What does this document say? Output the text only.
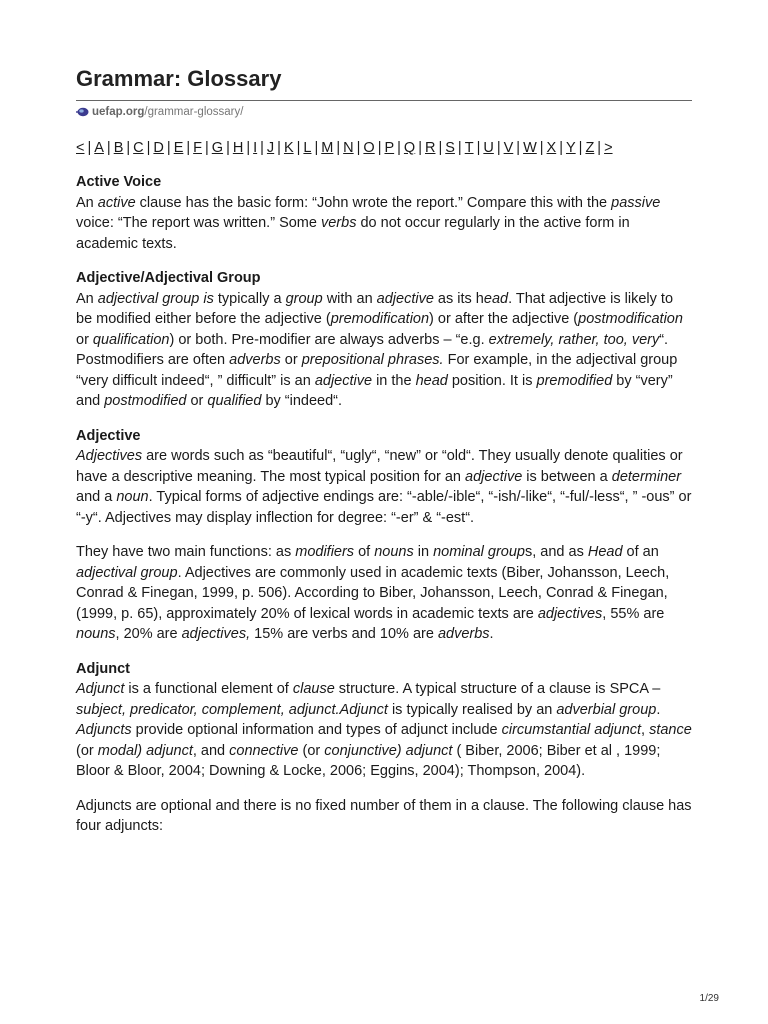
Grammar: Glossary
uefap.org /grammar-glossary/
< | A | B | C | D | E | F | G | H | I | J | K | L | M | N | O | P | Q | R | S | T | U | V | W | X | Y | Z | >
Active Voice
An active clause has the basic form: “John wrote the report.” Compare this with the passive voice: “The report was written.” Some verbs do not occur regularly in the active form in academic texts.
Adjective/Adjectival Group
An adjectival group is typically a group with an adjective as its head. That adjective is likely to be modified either before the adjective (premodification) or after the adjective (postmodification or qualification) or both. Pre-modifier are always adverbs – “e.g. extremely, rather, too, very“. Postmodifiers are often adverbs or prepositional phrases. For example, in the adjectival group “very difficult indeed“, ” difficult” is an adjective in the head position. It is premodified by “very” and postmodified or qualified by “indeed“.
Adjective
Adjectives are words such as “beautiful“, “ugly“, “new” or “old“. They usually denote qualities or have a descriptive meaning. The most typical position for an adjective is between a determiner and a noun. Typical forms of adjective endings are: “-able/-ible“, “-ish/-like“, “-ful/-less“, ” -ous” or “-y“. Adjectives may display inflection for degree: “-er” & “-est“.
They have two main functions: as modifiers of nouns in nominal groups, and as Head of an adjectival group. Adjectives are commonly used in academic texts (Biber, Johansson, Leech, Conrad & Finegan, 1999, p. 506). According to Biber, Johansson, Leech, Conrad & Finegan, (1999, p. 65), approximately 20% of lexical words in academic texts are adjectives, 55% are nouns, 20% are adjectives, 15% are verbs and 10% are adverbs.
Adjunct
Adjunct is a functional element of clause structure. A typical structure of a clause is SPCA – subject, predicator, complement, adjunct.Adjunct is typically realised by an adverbial group. Adjuncts provide optional information and types of adjunct include circumstantial adjunct, stance (or modal) adjunct, and connective (or conjunctive) adjunct ( Biber, 2006; Biber et al , 1999; Bloor & Bloor, 2004; Downing & Locke, 2006; Eggins, 2004); Thompson, 2004).
Adjuncts are optional and there is no fixed number of them in a clause. The following clause has four adjuncts:
1/29
